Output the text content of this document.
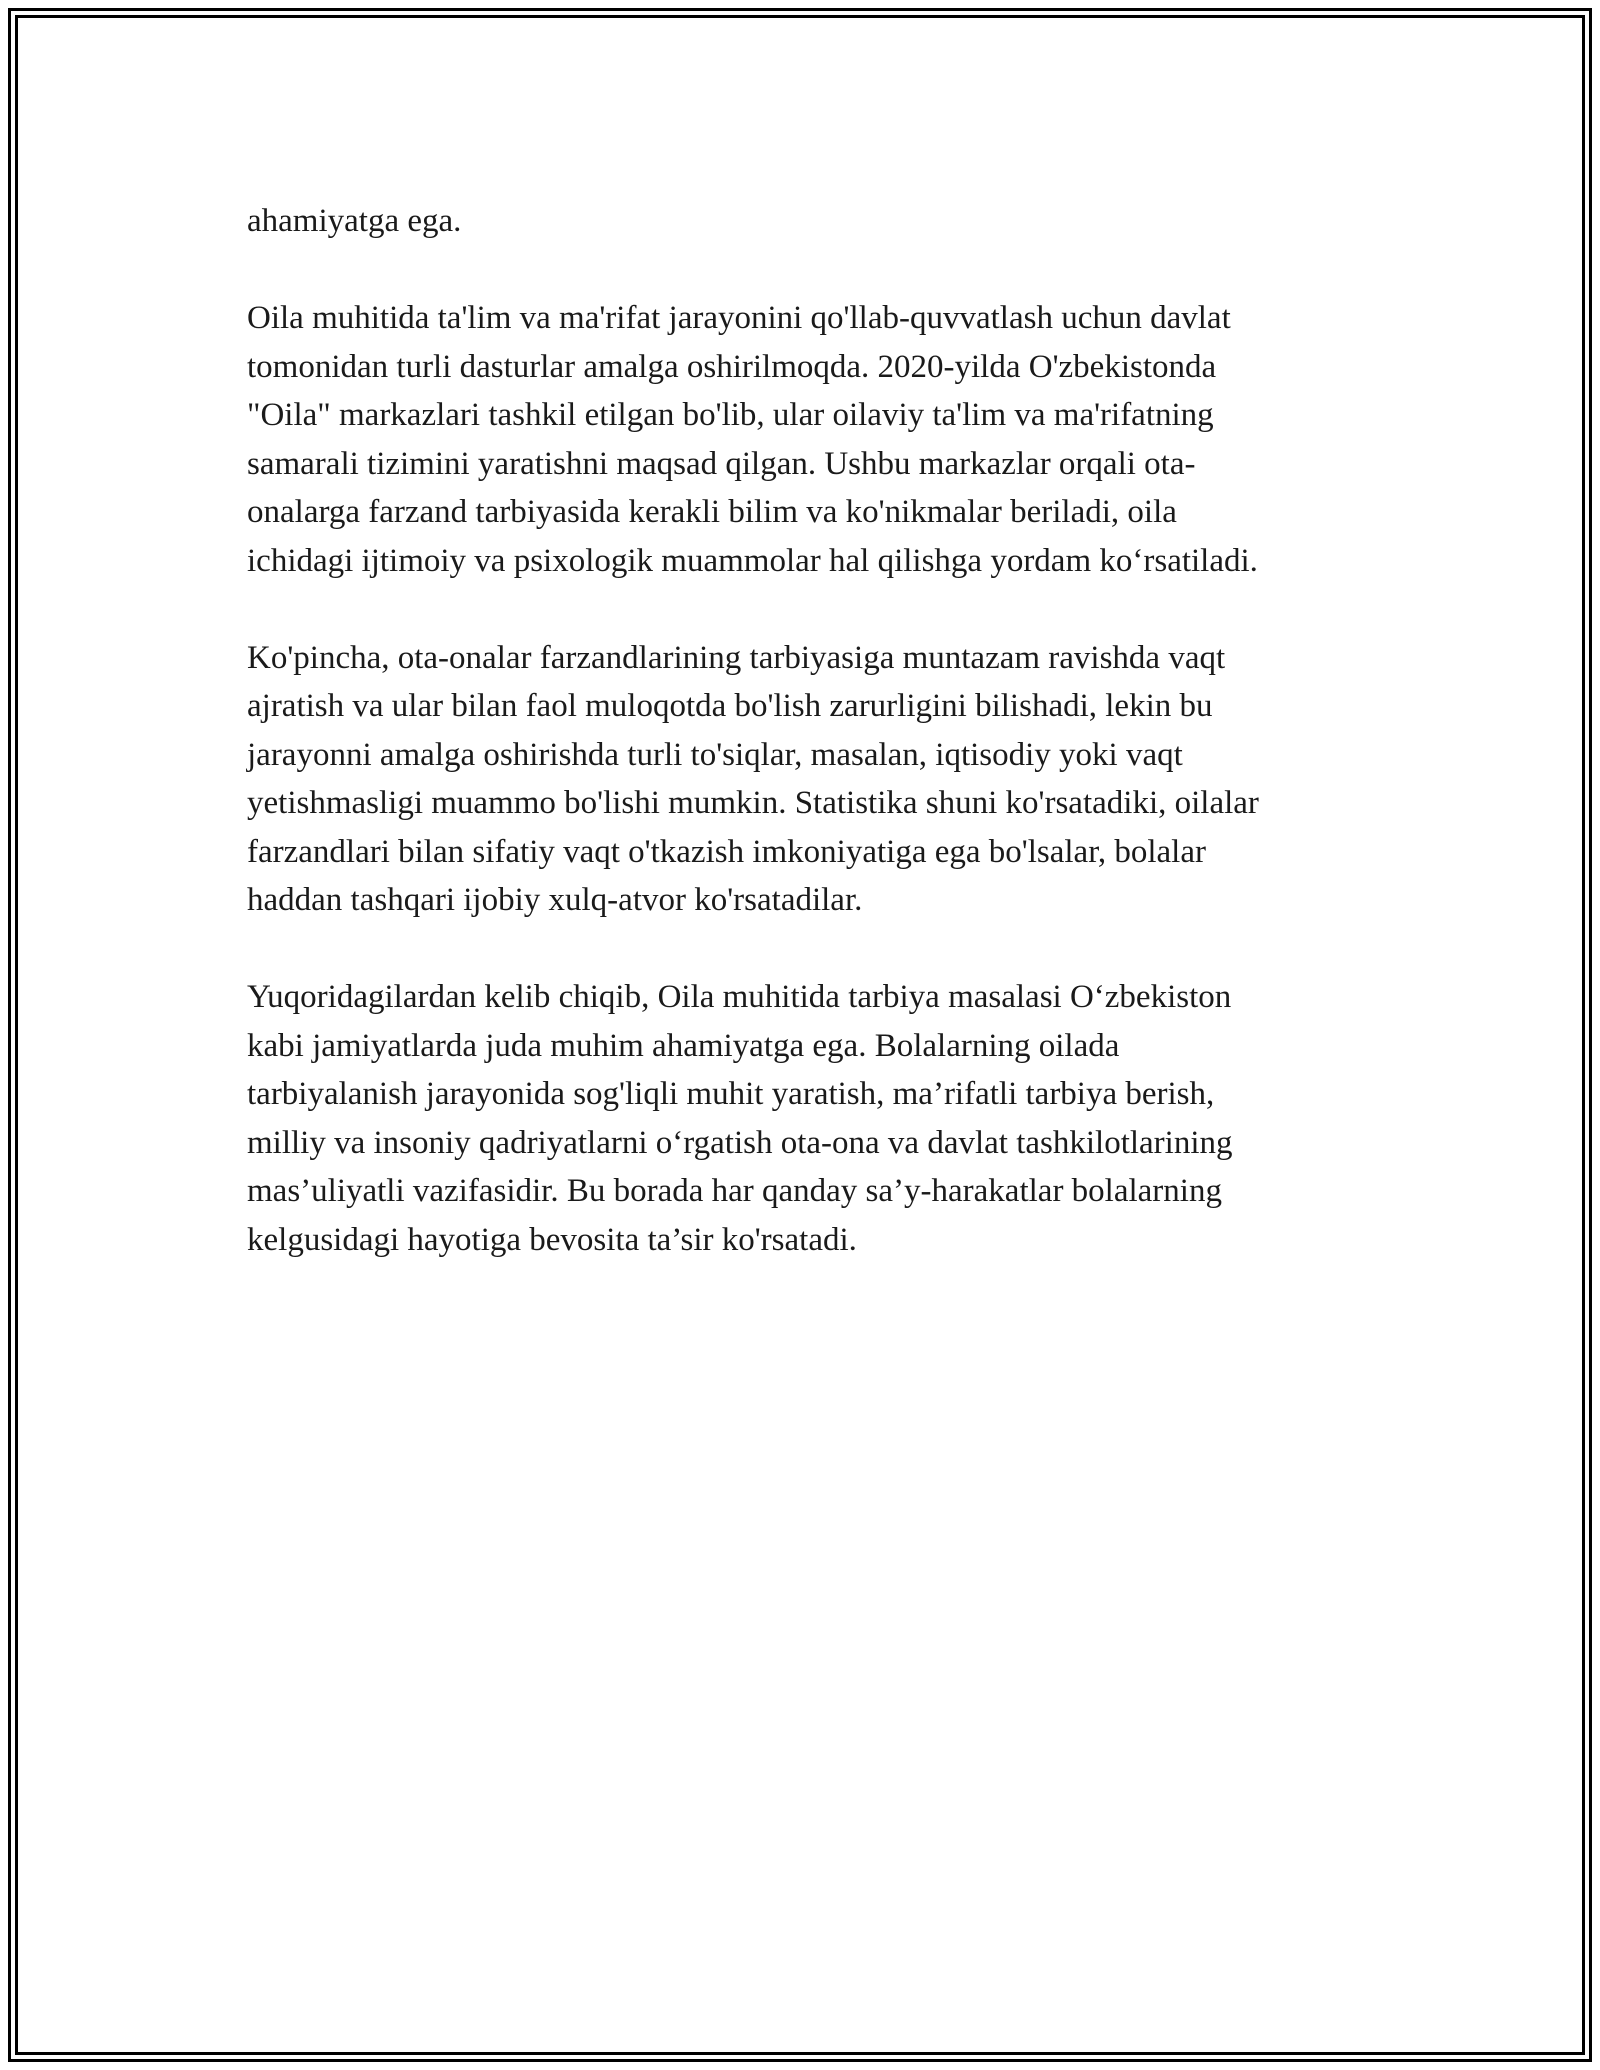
ahamiyatga ega.

Oila muhitida ta'lim va ma'rifat jarayonini qo'llab-quvvatlash uchun davlat
tomonidan turli dasturlar amalga oshirilmoqda. 2020-yilda O'zbekistonda
"Oila" markazlari tashkil etilgan bo'lib, ular oilaviy ta'lim va ma'rifatning
samarali tizimini yaratishni maqsad qilgan. Ushbu markazlar orqali ota-
onalarga farzand tarbiyasida kerakli bilim va ko'nikmalar beriladi, oila
ichidagi ijtimoiy va psixologik muammolar hal qilishga yordam ko‘rsatiladi.

Ko'pincha, ota-onalar farzandlarining tarbiyasiga muntazam ravishda vaqt
ajratish va ular bilan faol muloqotda bo'lish zarurligini bilishadi, lekin bu
jarayonni amalga oshirishda turli to'siqlar, masalan, iqtisodiy yoki vaqt
yetishmasligi muammo bo'lishi mumkin. Statistika shuni ko'rsatadiki, oilalar
farzandlari bilan sifatiy vaqt o'tkazish imkoniyatiga ega bo'lsalar, bolalar
haddan tashqari ijobiy xulq-atvor ko'rsatadilar.

Yuqoridagilardan kelib chiqib, Oila muhitida tarbiya masalasi O‘zbekiston
kabi jamiyatlarda juda muhim ahamiyatga ega. Bolalarning oilada
tarbiyalanish jarayonida sog'liqli muhit yaratish, ma’rifatli tarbiya berish,
milliy va insoniy qadriyatlarni o‘rgatish ota-ona va davlat tashkilotlarining
mas’uliyatli vazifasidir. Bu borada har qanday sa’y-harakatlar bolalarning
kelgusidagi hayotiga bevosita ta’sir ko'rsatadi.
